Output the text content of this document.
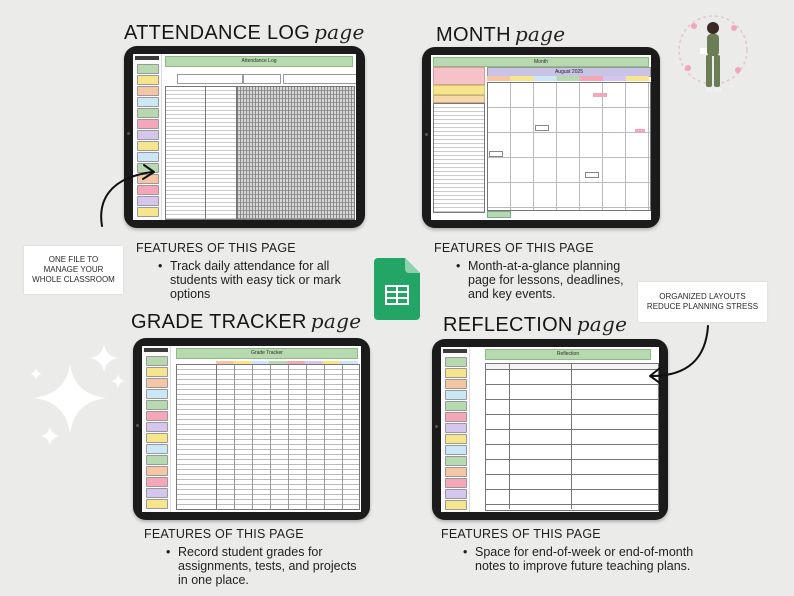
ATTENDANCE LOG page	MONTH page
GRADE TRACKER page	REFLECTION page
Attendance Log	Month
August 2025
Grade Tracker	Reflection
ONE FILE TO MANAGE YOUR WHOLE CLASSROOM
ORGANIZED LAYOUTS REDUCE PLANNING STRESS
FEATURES OF THIS PAGE
• Track daily attendance for all students with easy tick or mark options
FEATURES OF THIS PAGE
• Month-at-a-glance planning page for lessons, deadlines, and key events.
FEATURES OF THIS PAGE
• Record student grades for assignments, tests, and projects in one place.
FEATURES OF THIS PAGE
• Space for end-of-week or end-of-month notes to improve future teaching plans.
